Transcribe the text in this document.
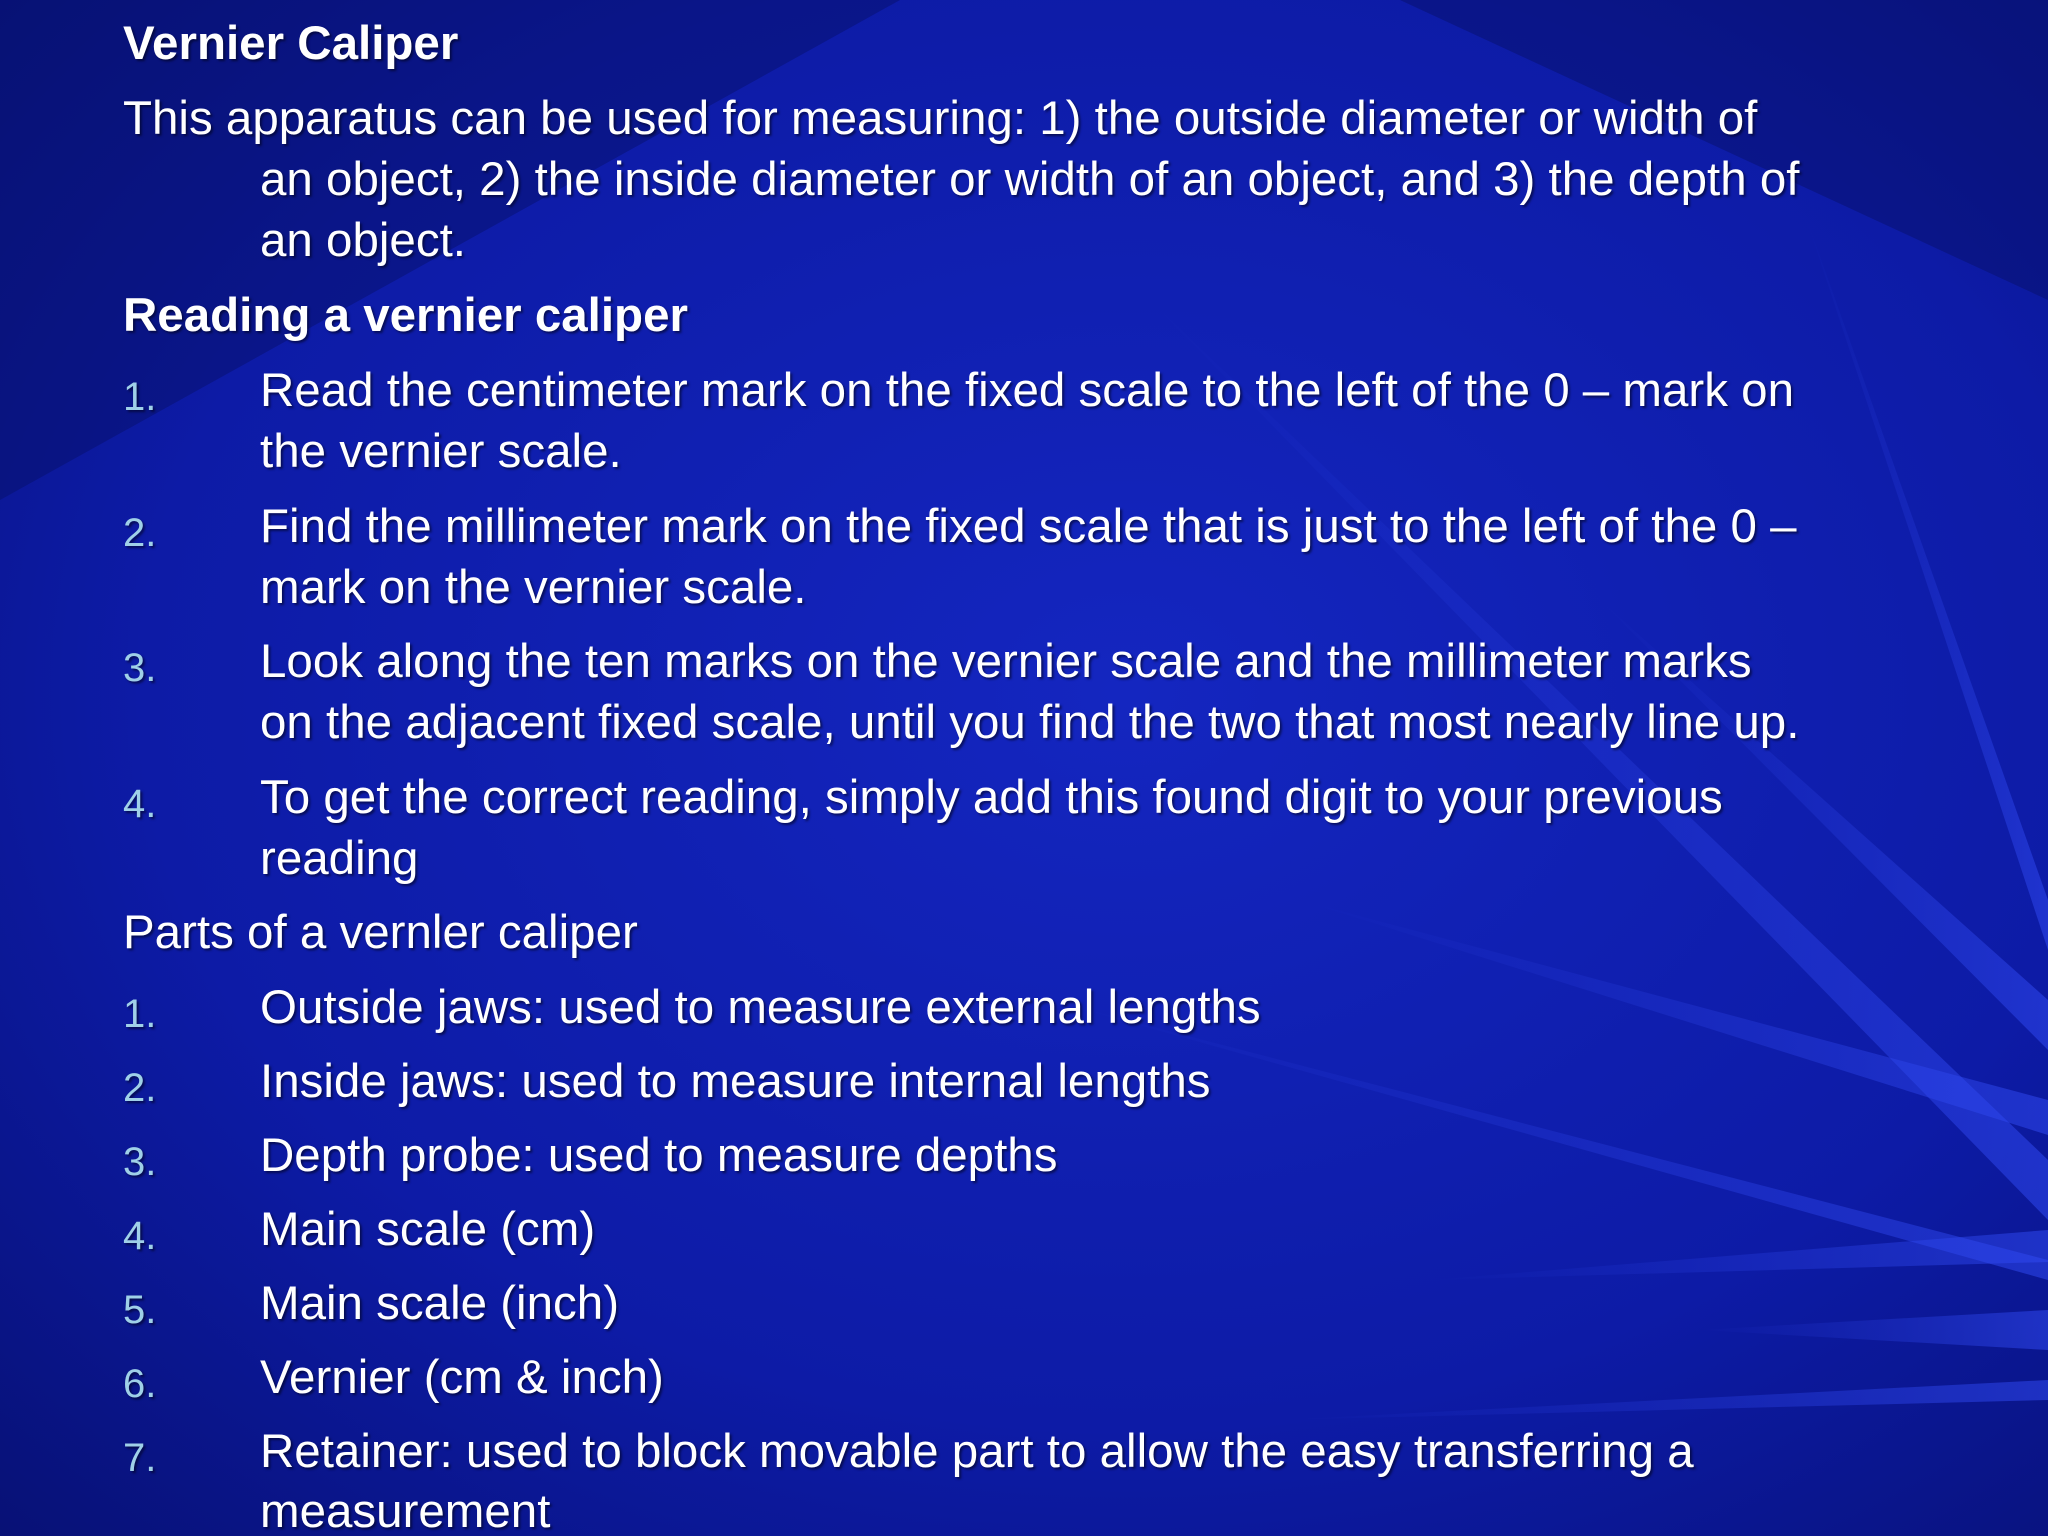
Vernier Caliper
This apparatus can be used for measuring: 1) the outside diameter or width of
an object, 2) the inside diameter or width of an object, and 3) the depth of
an object.
Reading a vernier caliper
1. Read the centimeter mark on the fixed scale to the left of the 0 – mark on
the vernier scale.
2. Find the millimeter mark on the fixed scale that is just to the left of the 0 –
mark on the vernier scale.
3. Look along the ten marks on the vernier scale and the millimeter marks
on the adjacent fixed scale, until you find the two that most nearly line up.
4. To get the correct reading, simply add this found digit to your previous
reading
Parts of a vernler caliper
1. Outside jaws: used to measure external lengths
2. Inside jaws: used to measure internal lengths
3. Depth probe: used to measure depths
4. Main scale (cm)
5. Main scale (inch)
6. Vernier (cm & inch)
7. Retainer: used to block movable part to allow the easy transferring a
measurement
